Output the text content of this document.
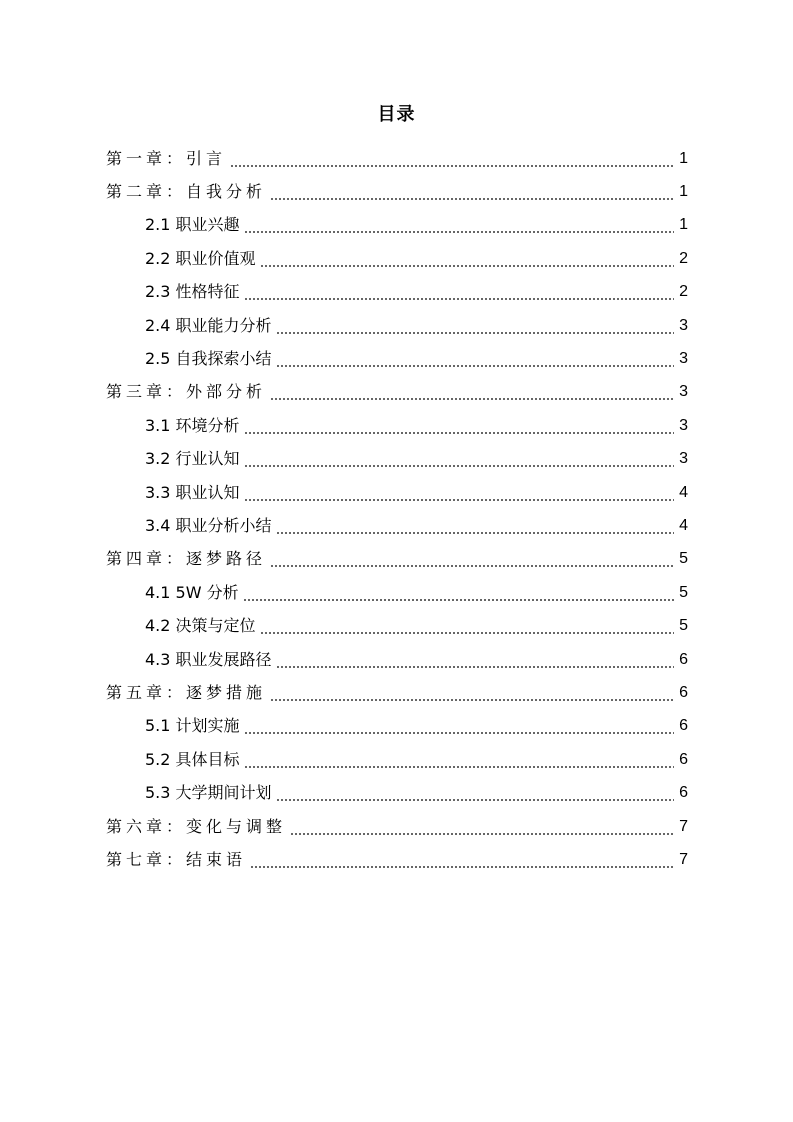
目录
第一章：引言	1
第二章：自我分析	1
2.1 职业兴趣	1
2.2 职业价值观	2
2.3 性格特征	2
2.4 职业能力分析	3
2.5 自我探索小结	3
第三章：外部分析	3
3.1 环境分析	3
3.2 行业认知	3
3.3 职业认知	4
3.4 职业分析小结	4
第四章：逐梦路径	5
4.1 5W 分析	5
4.2 决策与定位	5
4.3 职业发展路径	6
第五章：逐梦措施	6
5.1 计划实施	6
5.2 具体目标	6
5.3 大学期间计划	6
第六章：变化与调整	7
第七章：结束语	7
